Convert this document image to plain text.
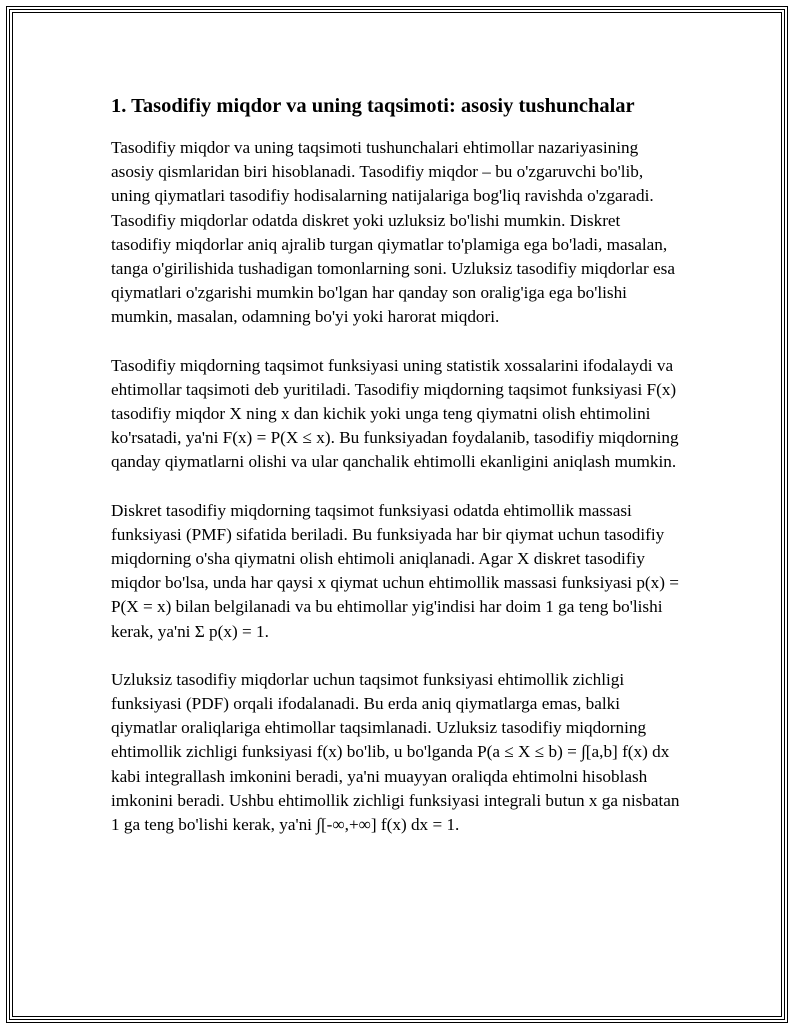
1. Tasodifiy miqdor va uning taqsimoti: asosiy tushunchalar

Tasodifiy miqdor va uning taqsimoti tushunchalari ehtimollar nazariyasining asosiy qismlaridan biri hisoblanadi. Tasodifiy miqdor – bu o'zgaruvchi bo'lib, uning qiymatlari tasodifiy hodisalarning natijalariga bog'liq ravishda o'zgaradi. Tasodifiy miqdorlar odatda diskret yoki uzluksiz bo'lishi mumkin. Diskret tasodifiy miqdorlar aniq ajralib turgan qiymatlar to'plamiga ega bo'ladi, masalan, tanga o'girilishida tushadigan tomonlarning soni. Uzluksiz tasodifiy miqdorlar esa qiymatlari o'zgarishi mumkin bo'lgan har qanday son oralig'iga ega bo'lishi mumkin, masalan, odamning bo'yi yoki harorat miqdori.

Tasodifiy miqdorning taqsimot funksiyasi uning statistik xossalarini ifodalaydi va ehtimollar taqsimoti deb yuritiladi. Tasodifiy miqdorning taqsimot funksiyasi F(x) tasodifiy miqdor X ning x dan kichik yoki unga teng qiymatni olish ehtimolini ko'rsatadi, ya'ni F(x) = P(X ≤ x). Bu funksiyadan foydalanib, tasodifiy miqdorning qanday qiymatlarni olishi va ular qanchalik ehtimolli ekanligini aniqlash mumkin.

Diskret tasodifiy miqdorning taqsimot funksiyasi odatda ehtimollik massasi funksiyasi (PMF) sifatida beriladi. Bu funksiyada har bir qiymat uchun tasodifiy miqdorning o'sha qiymatni olish ehtimoli aniqlanadi. Agar X diskret tasodifiy miqdor bo'lsa, unda har qaysi x qiymat uchun ehtimollik massasi funksiyasi p(x) = P(X = x) bilan belgilanadi va bu ehtimollar yig'indisi har doim 1 ga teng bo'lishi kerak, ya'ni Σ p(x) = 1.

Uzluksiz tasodifiy miqdorlar uchun taqsimot funksiyasi ehtimollik zichligi funksiyasi (PDF) orqali ifodalanadi. Bu erda aniq qiymatlarga emas, balki qiymatlar oraliqlariga ehtimollar taqsimlanadi. Uzluksiz tasodifiy miqdorning ehtimollik zichligi funksiyasi f(x) bo'lib, u bo'lganda P(a ≤ X ≤ b) = ∫[a,b] f(x) dx kabi integrallash imkonini beradi, ya'ni muayyan oraliqda ehtimolni hisoblash imkonini beradi. Ushbu ehtimollik zichligi funksiyasi integrali butun x ga nisbatan 1 ga teng bo'lishi kerak, ya'ni ∫[-∞,+∞] f(x) dx = 1.
